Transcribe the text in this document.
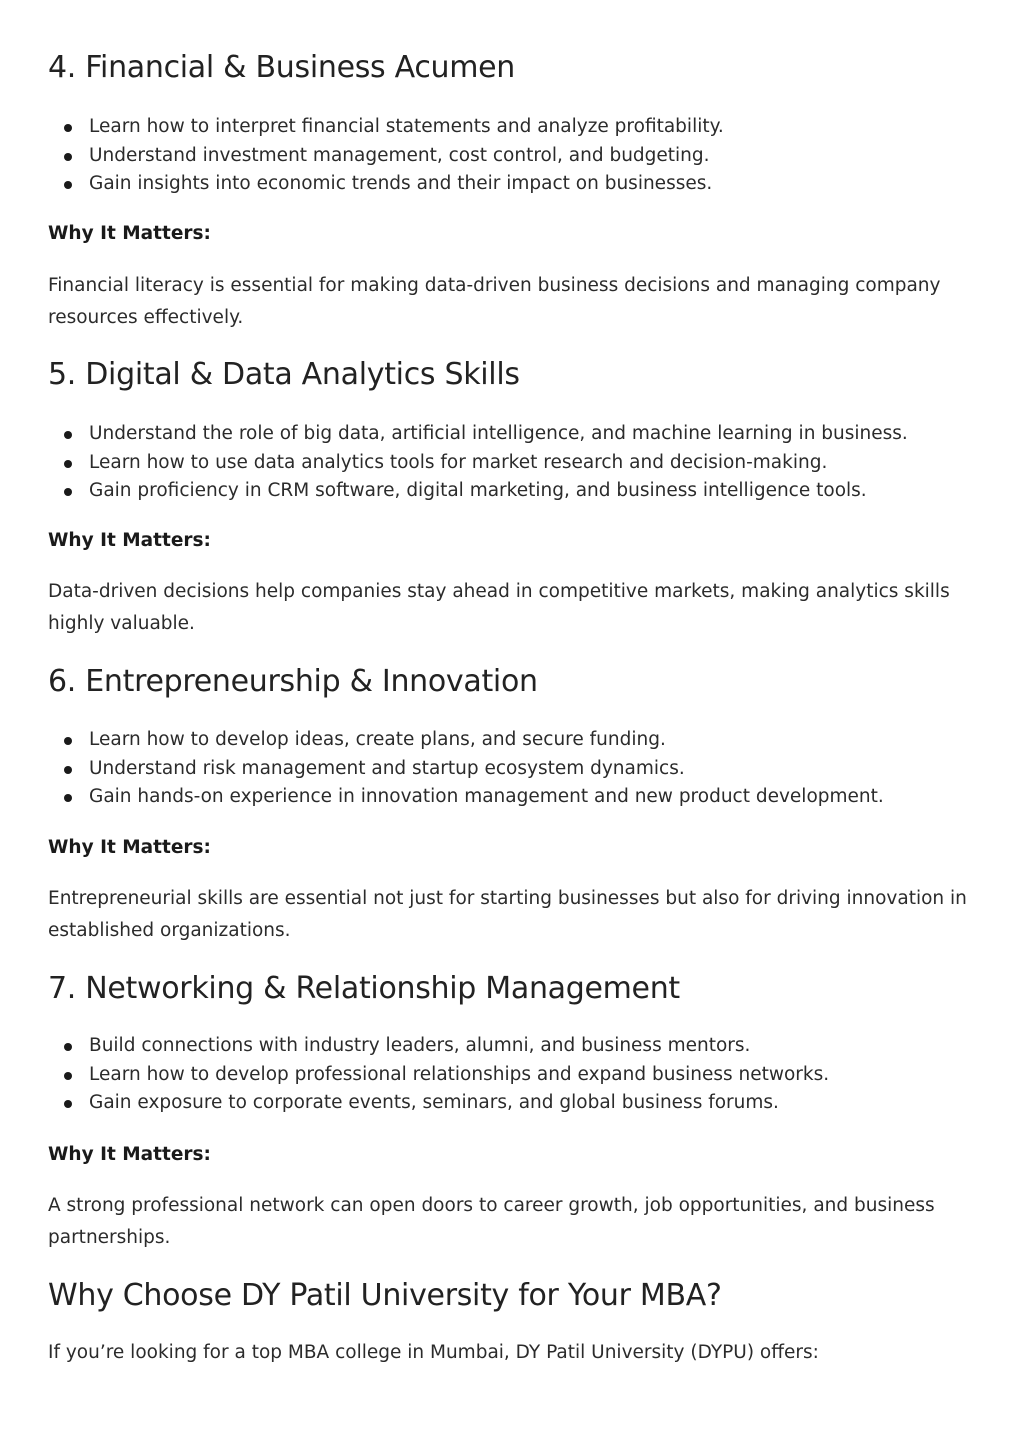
4. Financial & Business Acumen
Learn how to interpret financial statements and analyze profitability.
Understand investment management, cost control, and budgeting.
Gain insights into economic trends and their impact on businesses.
Why It Matters:

Financial literacy is essential for making data-driven business decisions and managing company resources effectively.

5. Digital & Data Analytics Skills
Understand the role of big data, artificial intelligence, and machine learning in business.
Learn how to use data analytics tools for market research and decision-making.
Gain proficiency in CRM software, digital marketing, and business intelligence tools.
Why It Matters:

Data-driven decisions help companies stay ahead in competitive markets, making analytics skills highly valuable.

6. Entrepreneurship & Innovation
Learn how to develop ideas, create plans, and secure funding.
Understand risk management and startup ecosystem dynamics.
Gain hands-on experience in innovation management and new product development.
Why It Matters:

Entrepreneurial skills are essential not just for starting businesses but also for driving innovation in established organizations.

7. Networking & Relationship Management
Build connections with industry leaders, alumni, and business mentors.
Learn how to develop professional relationships and expand business networks.
Gain exposure to corporate events, seminars, and global business forums.
Why It Matters:

A strong professional network can open doors to career growth, job opportunities, and business partnerships.

Why Choose DY Patil University for Your MBA?

If you’re looking for a top MBA college in Mumbai, DY Patil University (DYPU) offers:
